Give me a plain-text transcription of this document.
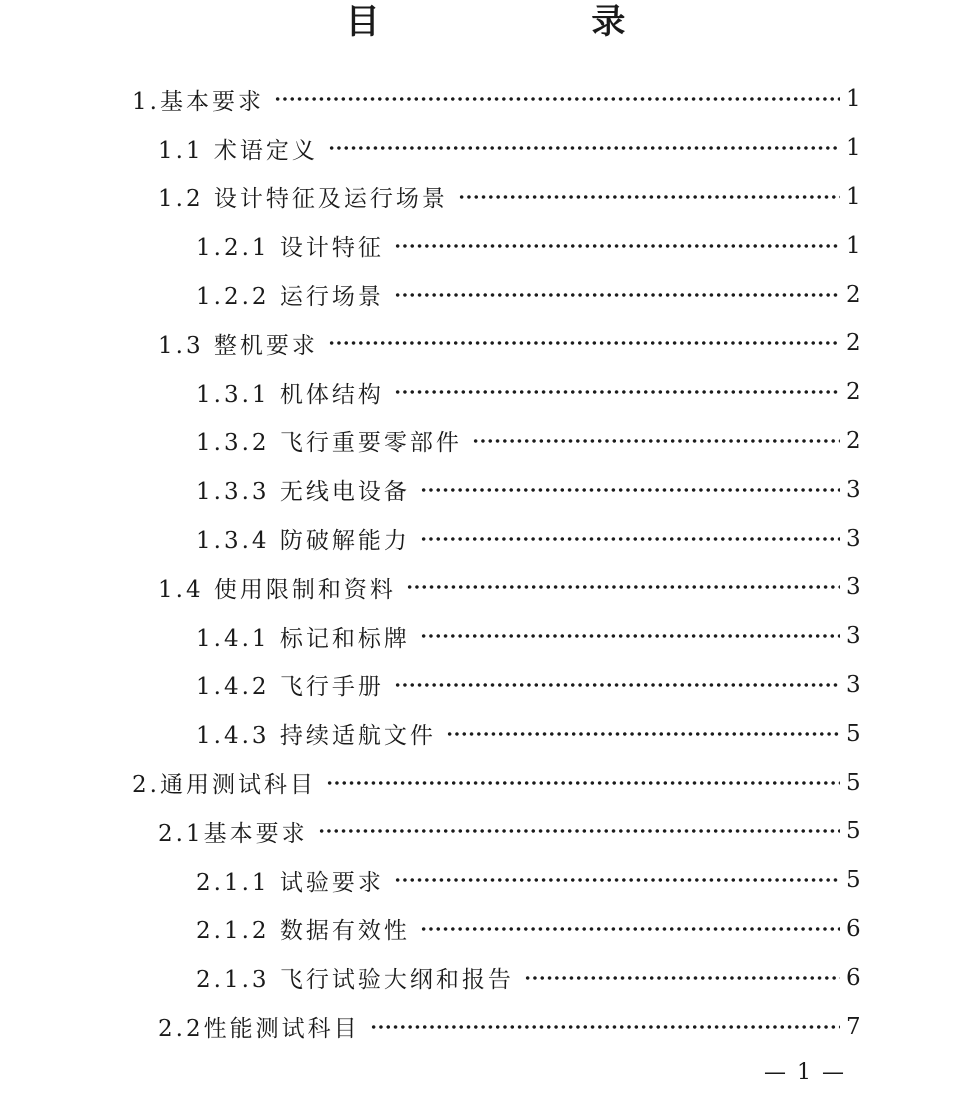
目 录
1.基本要求	1
1.1 术语定义	1
1.2 设计特征及运行场景	1
1.2.1 设计特征	1
1.2.2 运行场景	2
1.3 整机要求	2
1.3.1 机体结构	2
1.3.2 飞行重要零部件	2
1.3.3 无线电设备	3
1.3.4 防破解能力	3
1.4 使用限制和资料	3
1.4.1 标记和标牌	3
1.4.2 飞行手册	3
1.4.3 持续适航文件	5
2.通用测试科目	5
2.1基本要求	5
2.1.1 试验要求	5
2.1.2 数据有效性	6
2.1.3 飞行试验大纲和报告	6
2.2性能测试科目	7
— 1 —
